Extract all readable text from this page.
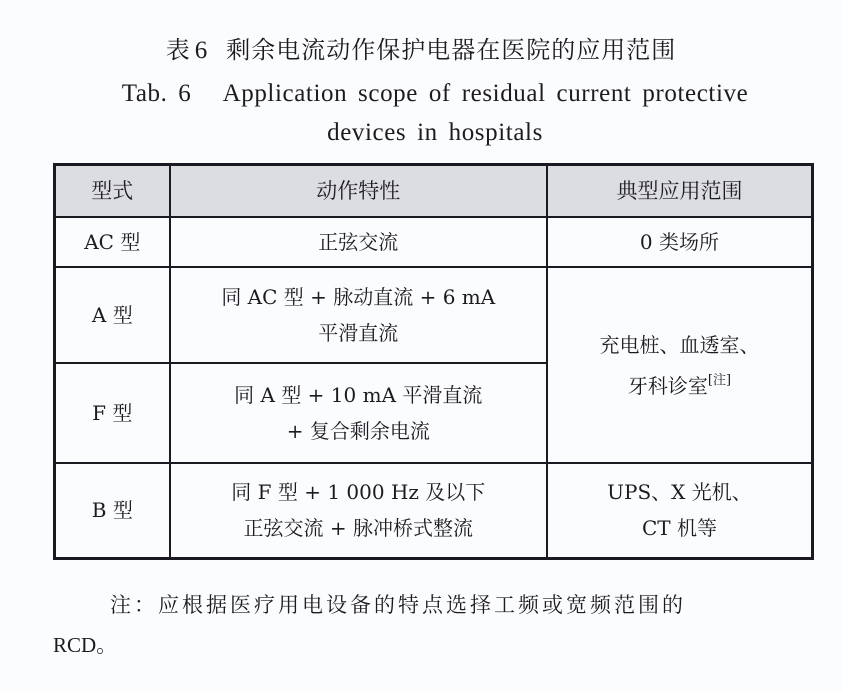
表 6 剩余电流动作保护电器在医院的应用范围
Tab. 6   Application scope of residual current protective
devices in hospitals
型式	动作特性	典型应用范围
AC 型	正弦交流	0 类场所
A 型	同 AC 型 + 脉动直流 + 6 mA
平滑直流	充电桩、血透室、
牙科诊室[注]

F 型	同 A 型 + 10 mA 平滑直流
+ 复合剩余电流	

B 型	同 F 型 + 1 000 Hz 及以下
正弦交流 + 脉冲桥式整流	UPS、X 光机、
CT 机等
注：应根据医疗用电设备的特点选择工频或宽频范围的
RCD。
